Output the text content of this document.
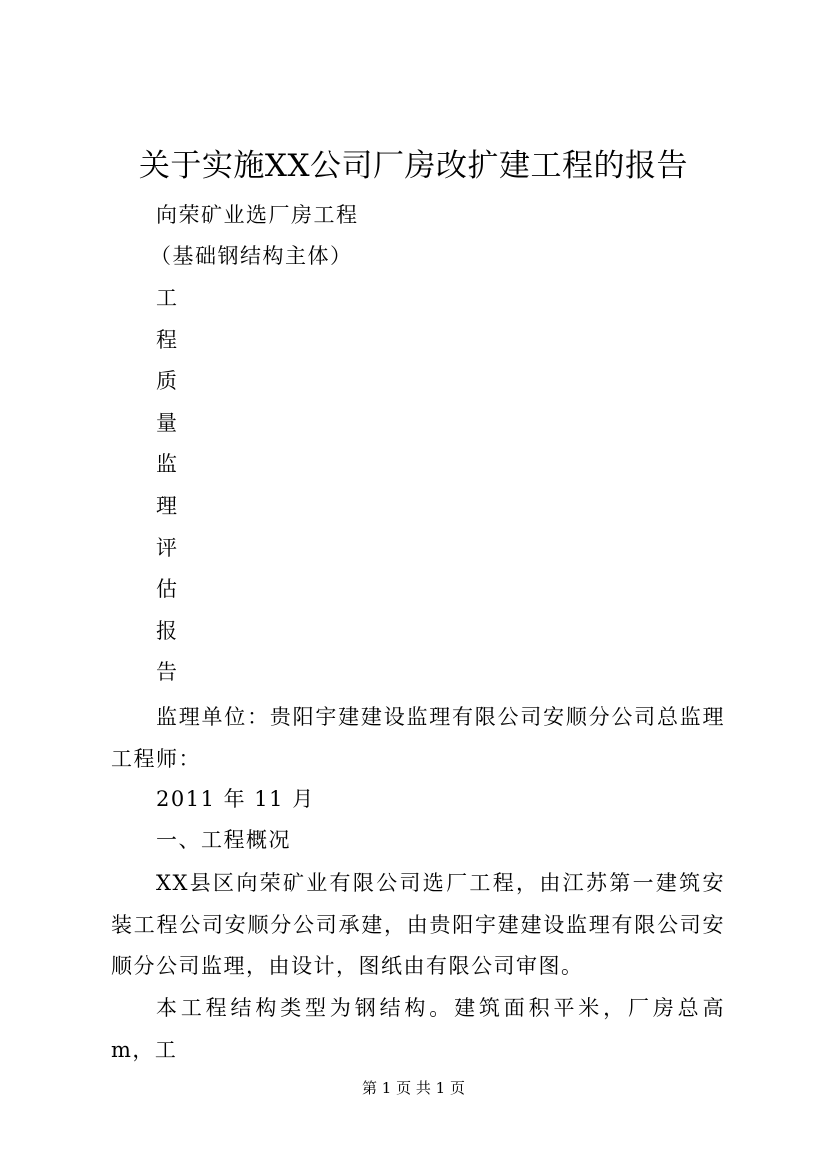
关于实施XX公司厂房改扩建工程的报告
向荣矿业选厂房工程
（基础钢结构主体）
工
程
质
量
监
理
评
估
报
告
监理单位：贵阳宇建建设监理有限公司安顺分公司总监理工程师：
2011 年 11 月
一、工程概况
XX县区向荣矿业有限公司选厂工程，由江苏第一建筑安装工程公司安顺分公司承建，由贵阳宇建建设监理有限公司安顺分公司监理，由设计，图纸由有限公司审图。
本工程结构类型为钢结构。建筑面积平米，厂房总高 m，工
第 1 页 共 1 页
